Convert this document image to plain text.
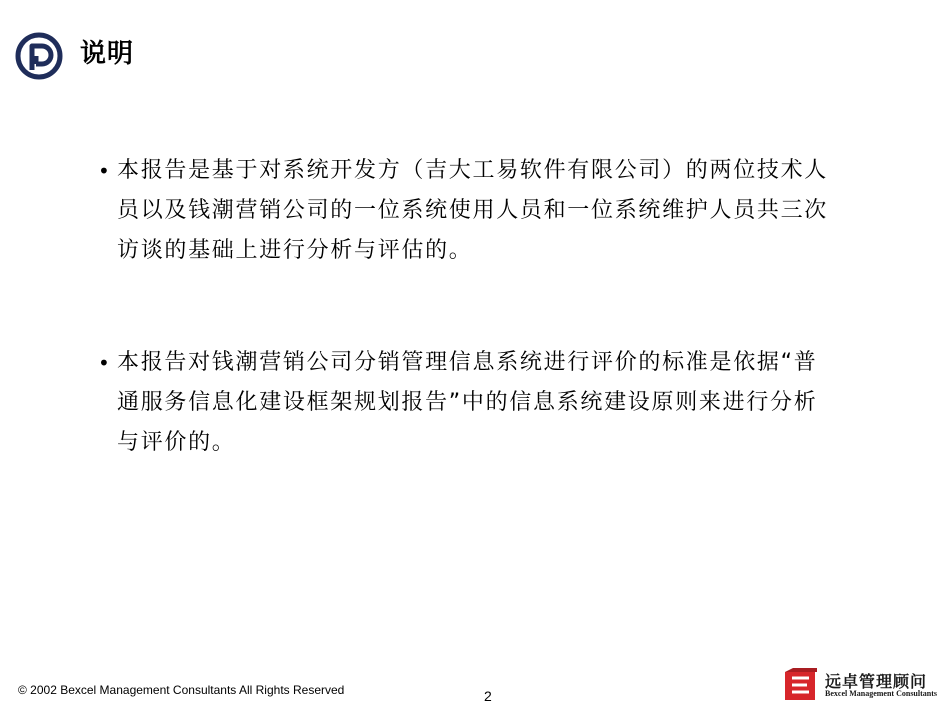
说明
• 本报告是基于对系统开发方（吉大工易软件有限公司）的两位技术人员以及钱潮营销公司的一位系统使用人员和一位系统维护人员共三次访谈的基础上进行分析与评估的。
• 本报告对钱潮营销公司分销管理信息系统进行评价的标准是依据“普通服务信息化建设框架规划报告”中的信息系统建设原则来进行分析与评价的。
© 2002 Bexcel Management Consultants All Rights Reserved	2
远卓管理顾问
Bexcel Management Consultants
